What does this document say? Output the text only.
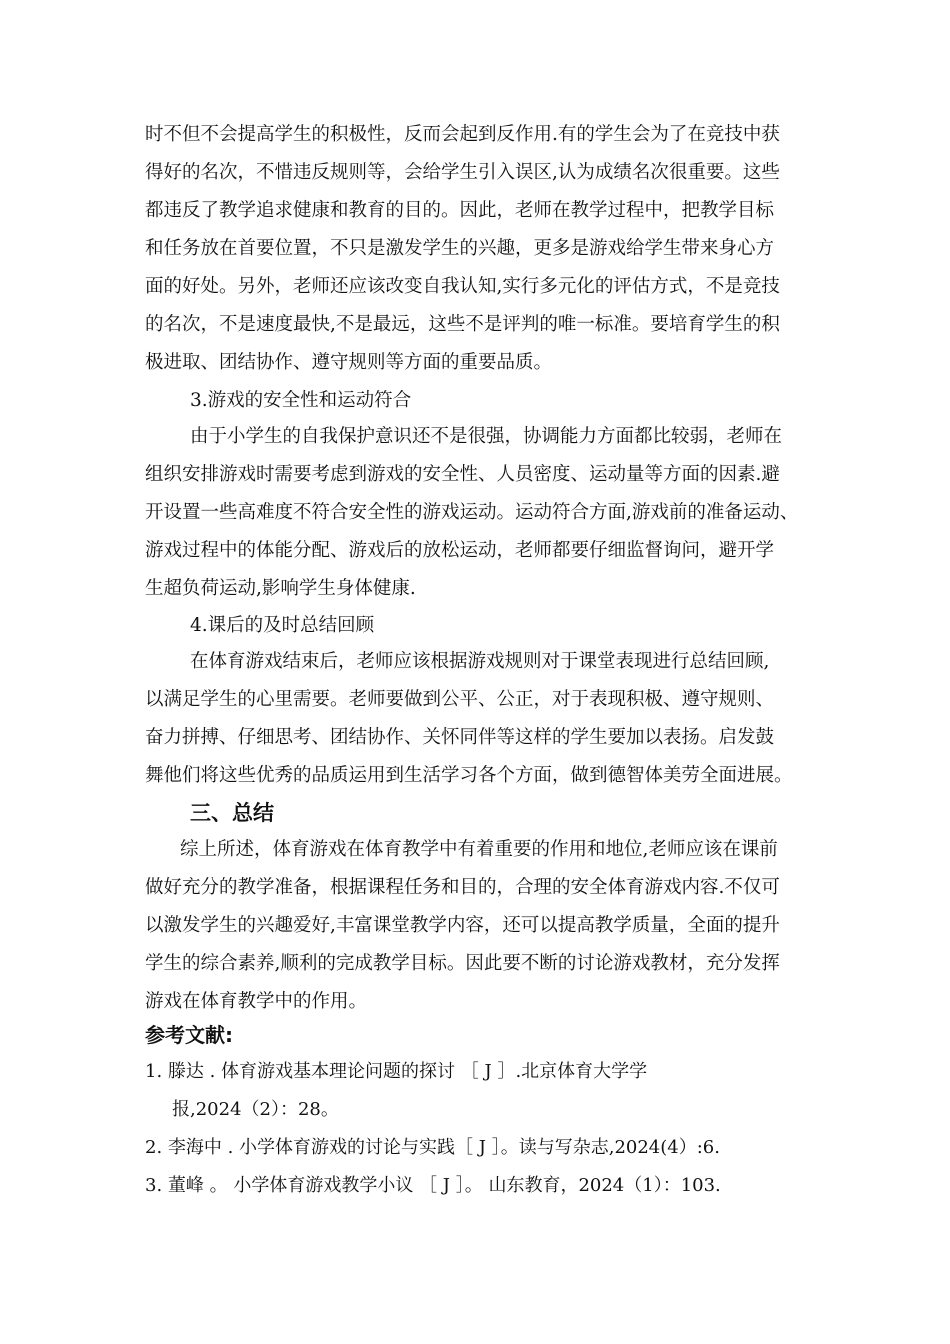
时不但不会提高学生的积极性，反而会起到反作用.有的学生会为了在竞技中获
得好的名次，不惜违反规则等，会给学生引入误区,认为成绩名次很重要。这些
都违反了教学追求健康和教育的目的。因此，老师在教学过程中，把教学目标
和任务放在首要位置，不只是激发学生的兴趣，更多是游戏给学生带来身心方
面的好处。另外，老师还应该改变自我认知,实行多元化的评估方式，不是竞技
的名次，不是速度最快,不是最远，这些不是评判的唯一标准。要培育学生的积
极进取、团结协作、遵守规则等方面的重要品质。
3.游戏的安全性和运动符合
由于小学生的自我保护意识还不是很强，协调能力方面都比较弱，老师在
组织安排游戏时需要考虑到游戏的安全性、人员密度、运动量等方面的因素.避
开设置一些高难度不符合安全性的游戏运动。运动符合方面,游戏前的准备运动、
游戏过程中的体能分配、游戏后的放松运动，老师都要仔细监督询问，避开学
生超负荷运动,影响学生身体健康.
4.课后的及时总结回顾
在体育游戏结束后，老师应该根据游戏规则对于课堂表现进行总结回顾,
以满足学生的心里需要。老师要做到公平、公正，对于表现积极、遵守规则、
奋力拼搏、仔细思考、团结协作、关怀同伴等这样的学生要加以表扬。启发鼓
舞他们将这些优秀的品质运用到生活学习各个方面，做到德智体美劳全面进展。
三、总结
综上所述，体育游戏在体育教学中有着重要的作用和地位,老师应该在课前
做好充分的教学准备，根据课程任务和目的，合理的安全体育游戏内容.不仅可
以激发学生的兴趣爱好,丰富课堂教学内容，还可以提高教学质量，全面的提升
学生的综合素养,顺利的完成教学目标。因此要不断的讨论游戏教材，充分发挥
游戏在体育教学中的作用。
参考文献:
1. 滕达 . 体育游戏基本理论问题的探讨 ［ J ］.北京体育大学学
报,2024（2）：28。
2. 李海中 . 小学体育游戏的讨论与实践［ J ］。读与写杂志,2024(4）:6.
3. 董峰 。 小学体育游戏教学小议 ［ J ］。 山东教育，2024（1）：103.
